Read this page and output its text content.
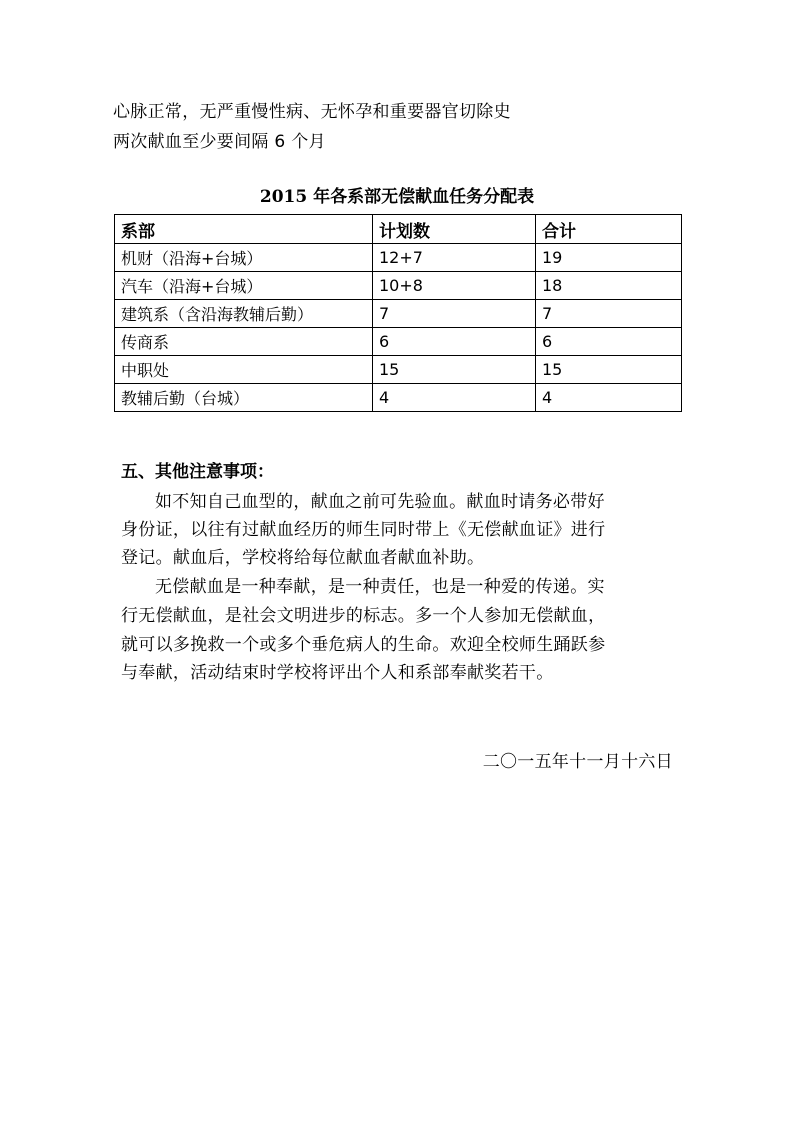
心脉正常，无严重慢性病、无怀孕和重要器官切除史
两次献血至少要间隔 6 个月
2015 年各系部无偿献血任务分配表
系部	计划数	合计
机财（沿海+台城）	12+7	19
汽车（沿海+台城）	10+8	18
建筑系（含沿海教辅后勤）	7	7
传商系	6	6
中职处	15	15
教辅后勤（台城）	4	4
五、其他注意事项：
如不知自己血型的，献血之前可先验血。献血时请务必带好
身份证，以往有过献血经历的师生同时带上《无偿献血证》进行
登记。献血后，学校将给每位献血者献血补助。
无偿献血是一种奉献，是一种责任，也是一种爱的传递。实
行无偿献血，是社会文明进步的标志。多一个人参加无偿献血，
就可以多挽救一个或多个垂危病人的生命。欢迎全校师生踊跃参
与奉献，活动结束时学校将评出个人和系部奉献奖若干。
二〇一五年十一月十六日
